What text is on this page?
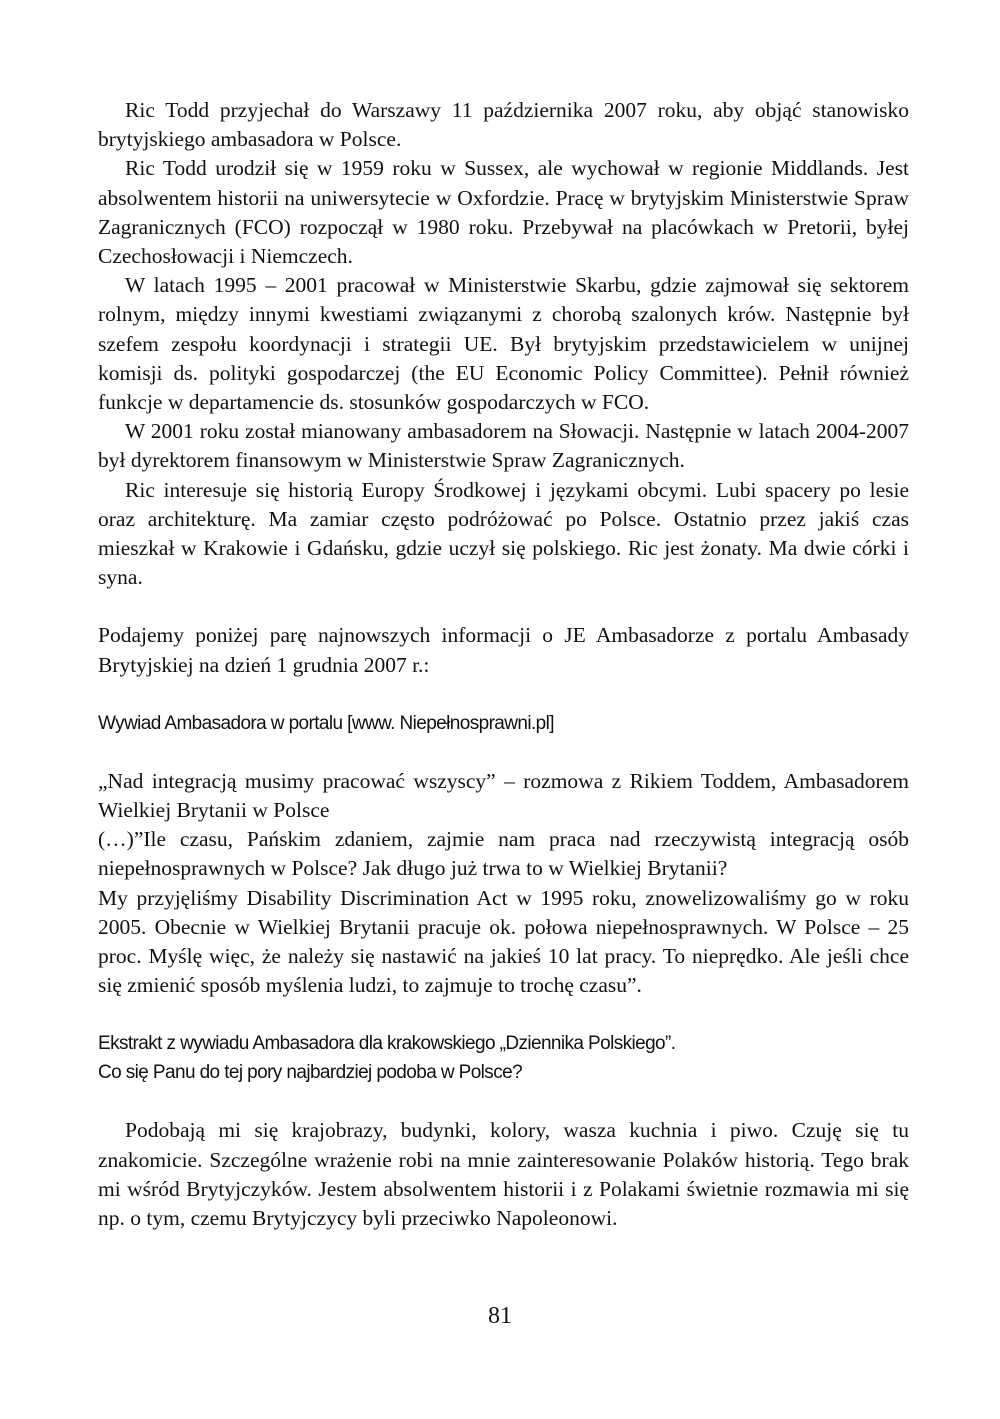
Ric Todd przyjechał do Warszawy 11 października 2007 roku, aby objąć stanowisko brytyjskiego ambasadora w Polsce.

Ric Todd urodził się w 1959 roku w Sussex, ale wychował w regionie Middlands. Jest absolwentem historii na uniwersytecie w Oxfordzie. Pracę w brytyjskim Ministerstwie Spraw Zagranicznych (FCO) rozpoczął w 1980 roku. Przebywał na placówkach w Pretorii, byłej Czechosłowacji i Niemczech.

W latach 1995 – 2001 pracował w Ministerstwie Skarbu, gdzie zajmował się sektorem rolnym, między innymi kwestiami związanymi z chorobą szalonych krów. Następnie był szefem zespołu koordynacji i strategii UE. Był brytyjskim przedstawicielem w unijnej komisji ds. polityki gospodarczej (the EU Economic Policy Committee). Pełnił również funkcje w departamencie ds. stosunków gospodarczych w FCO.

W 2001 roku został mianowany ambasadorem na Słowacji. Następnie w latach 2004-2007 był dyrektorem finansowym w Ministerstwie Spraw Zagranicznych.

Ric interesuje się historią Europy Środkowej i językami obcymi. Lubi spacery po lesie oraz architekturę. Ma zamiar często podróżować po Polsce. Ostatnio przez jakiś czas mieszkał w Krakowie i Gdańsku, gdzie uczył się polskiego. Ric jest żonaty. Ma dwie córki i syna.

Podajemy poniżej parę najnowszych informacji o JE Ambasadorze z portalu Ambasady Brytyjskiej na dzień 1 grudnia 2007 r.:

Wywiad Ambasadora w portalu [www. Niepełnosprawni.pl]

„Nad integracją musimy pracować wszyscy” – rozmowa z Rikiem Toddem, Ambasadorem Wielkiej Brytanii w Polsce

(…)”Ile czasu, Pańskim zdaniem, zajmie nam praca nad rzeczywistą integracją osób niepełnosprawnych w Polsce? Jak długo już trwa to w Wielkiej Brytanii?

My przyjęliśmy Disability Discrimination Act w 1995 roku, znowelizowaliśmy go w roku 2005. Obecnie w Wielkiej Brytanii pracuje ok. połowa niepełnosprawnych. W Polsce – 25 proc. Myślę więc, że należy się nastawić na jakieś 10 lat pracy. To nieprędko. Ale jeśli chce się zmienić sposób myślenia ludzi, to zajmuje to trochę czasu”.

Ekstrakt z wywiadu Ambasadora dla krakowskiego „Dziennika Polskiego”.

Co się Panu do tej pory najbardziej podoba w Polsce?

Podobają mi się krajobrazy, budynki, kolory, wasza kuchnia i piwo. Czuję się tu znakomicie. Szczególne wrażenie robi na mnie zainteresowanie Polaków historią. Tego brak mi wśród Brytyjczyków. Jestem absolwentem historii i z Polakami świetnie rozmawia mi się np. o tym, czemu Brytyjczycy byli przeciwko Napoleonowi.

81
